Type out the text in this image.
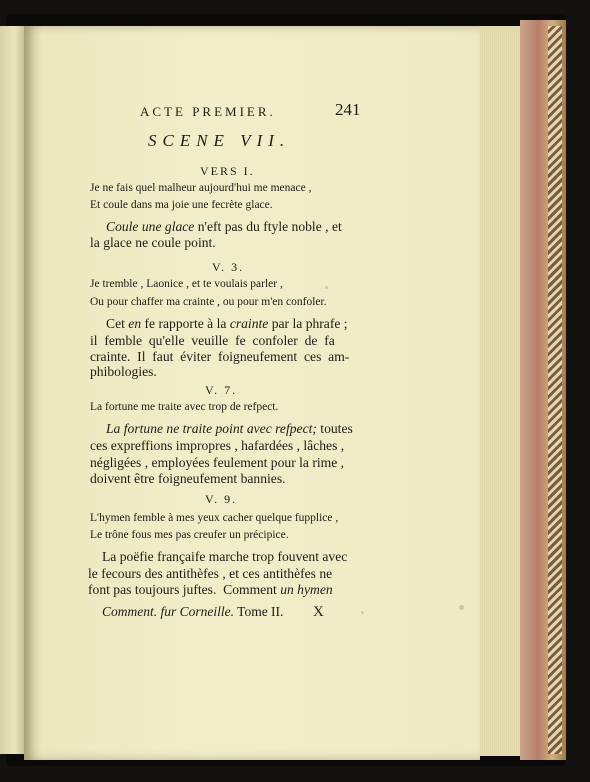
ACTE PREMIER.	241
SCENE VII.
VERS I.
Je ne fais quel malheur aujourd'hui me menace ,
Et coule dans ma joie une fecrète glace.
Coule une glace n'eft pas du ftyle noble , et
la glace ne coule point.
V. 3.
Je tremble , Laonice , et te voulais parler ,
Ou pour chaffer ma crainte , ou pour m'en confoler.
Cet en fe rapporte à la crainte par la phrafe ;
il  femble  qu'elle  veuille  fe  confoler  de  fa
crainte.  Il  faut  éviter  foigneufement  ces  am-
phibologies.
V. 7.
La fortune me traite avec trop de refpect.
La fortune ne traite point avec refpect; toutes
ces expreffions impropres , hafardées , lâches ,
négligées , employées feulement pour la rime ,
doivent être foigneufement bannies.
V. 9.
L'hymen femble à mes yeux cacher quelque fupplice ,
Le trône fous mes pas creufer un précipice.
La poëfie françaife marche trop fouvent avec
le fecours des antithèfes , et ces antithèfes ne
font pas toujours juftes.  Comment un hymen
Comment. fur Corneille. Tome II. X
